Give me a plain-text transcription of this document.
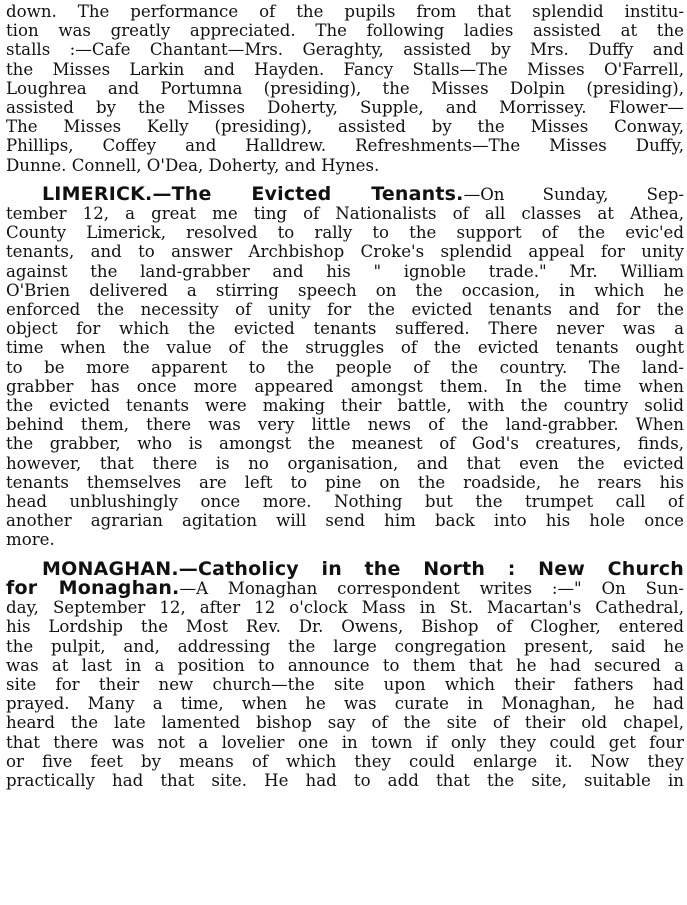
down. The performance of the pupils from that splendid institu-
tion was greatly appreciated. The following ladies assisted at the
stalls :—Cafe Chantant—Mrs. Geraghty, assisted by Mrs. Duffy and
the Misses Larkin and Hayden. Fancy Stalls—The Misses O'Farrell,
Loughrea and Portumna (presiding), the Misses Dolpin (presiding),
assisted by the Misses Doherty, Supple, and Morrissey. Flower—
The Misses Kelly (presiding), assisted by the Misses Conway,
Phillips, Coffey and Halldrew. Refreshments—The Misses Duffy,
Dunne. Connell, O'Dea, Doherty, and Hynes.
LIMERICK.—The Evicted Tenants.—On Sunday, Sep-
tember 12, a great me ting of Nationalists of all classes at Athea,
County Limerick, resolved to rally to the support of the evic'ed
tenants, and to answer Archbishop Croke's splendid appeal for unity
against the land-grabber and his " ignoble trade." Mr. William
O'Brien delivered a stirring speech on the occasion, in which he
enforced the necessity of unity for the evicted tenants and for the
object for which the evicted tenants suffered. There never was a
time when the value of the struggles of the evicted tenants ought
to be more apparent to the people of the country. The land-
grabber has once more appeared amongst them. In the time when
the evicted tenants were making their battle, with the country solid
behind them, there was very little news of the land-grabber. When
the grabber, who is amongst the meanest of God's creatures, finds,
however, that there is no organisation, and that even the evicted
tenants themselves are left to pine on the roadside, he rears his
head unblushingly once more. Nothing but the trumpet call of
another agrarian agitation will send him back into his hole once
more.
MONAGHAN.—Catholicy in the North : New Church
for Monaghan.—A Monaghan correspondent writes :—" On Sun-
day, September 12, after 12 o'clock Mass in St. Macartan's Cathedral,
his Lordship the Most Rev. Dr. Owens, Bishop of Clogher, entered
the pulpit, and, addressing the large congregation present, said he
was at last in a position to announce to them that he had secured a
site for their new church—the site upon which their fathers had
prayed. Many a time, when he was curate in Monaghan, he had
heard the late lamented bishop say of the site of their old chapel,
that there was not a lovelier one in town if only they could get four
or five feet by means of which they could enlarge it. Now they
practically had that site. He had to add that the site, suitable in
